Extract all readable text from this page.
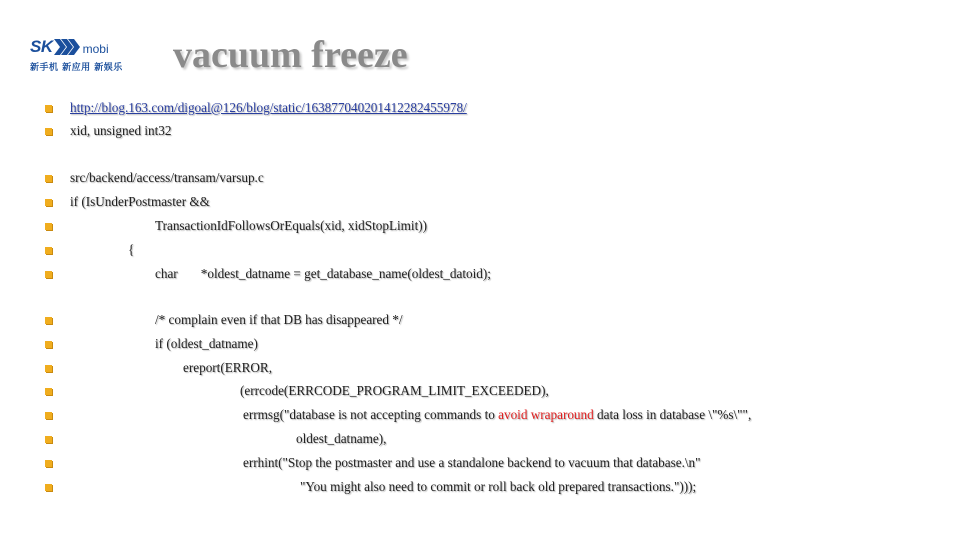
SK	mobi
新手机 新应用 新娱乐	vacuum freeze
http://blog.163.com/digoal@126/blog/static/163877040201412282455978/
xid, unsigned int32
src/backend/access/transam/varsup.c
if (IsUnderPostmaster &&
TransactionIdFollowsOrEquals(xid, xidStopLimit))
{
char       *oldest_datname = get_database_name(oldest_datoid);
/* complain even if that DB has disappeared */
if (oldest_datname)
ereport(ERROR,
(errcode(ERRCODE_PROGRAM_LIMIT_EXCEEDED),
errmsg("database is not accepting commands to avoid wraparound data loss in database \"%s\"",
oldest_datname),
errhint("Stop the postmaster and use a standalone backend to vacuum that database.\n"
"You might also need to commit or roll back old prepared transactions.")));
